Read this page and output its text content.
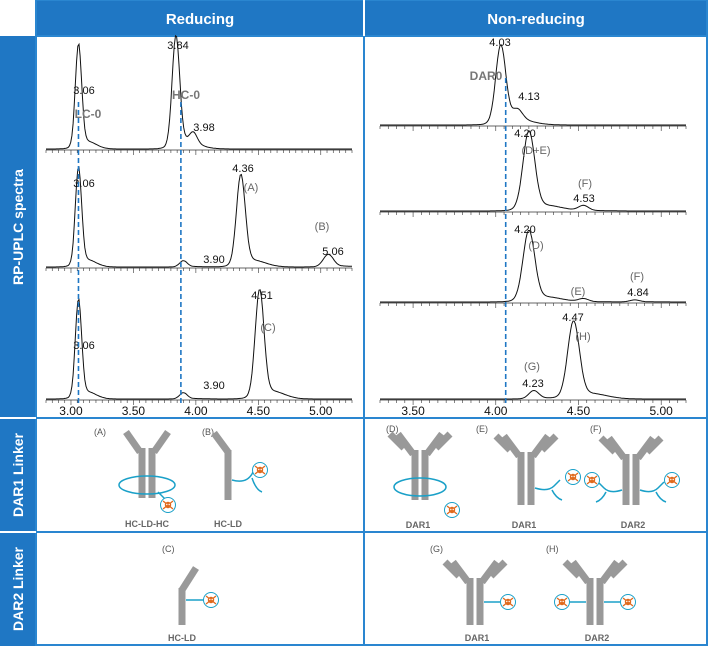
Reducing	Non-reducing
RP-UPLC spectra
DAR1 Linker
DAR2 Linker
3.06
LC-0
3.84
HC-0
3.98
3.06
3.90
4.36
(A)
5.06
(B)
3.06
3.90
4.51
(C)
3.00	3.50	4.00	4.50	5.00
4.03
DAR0
4.13
4.20
(D+E)
4.53
(F)
4.20
(D)
(E)	4.84
(F)
4.23
(G)
4.47
(H)
3.50	4.00	4.50	5.00
(A)
HC-LD-HC
(B)
HC-LD
(D)
DAR1
(E)
DAR1
(F)
DAR2
(C)
HC-LD
(G)
DAR1
(H)
DAR2
